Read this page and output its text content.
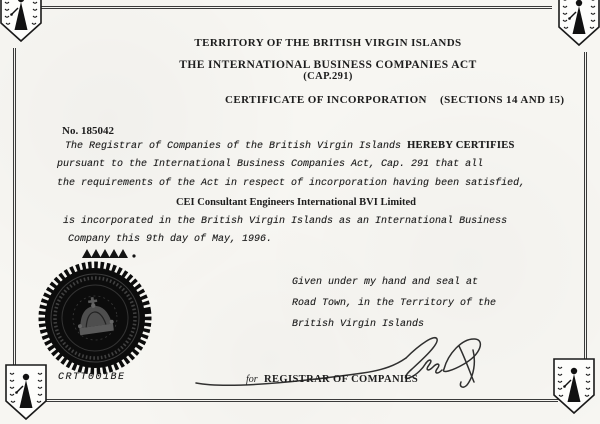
TERRITORY OF THE BRITISH VIRGIN ISLANDS
THE INTERNATIONAL BUSINESS COMPANIES ACT
(CAP.291)
CERTIFICATE OF INCORPORATION (SECTIONS 14 AND 15)
No. 185042
The Registrar of Companies of the British Virgin Islands HEREBY CERTIFIES
pursuant to the International Business Companies Act, Cap. 291 that all
the requirements of the Act in respect of incorporation having been satisfied,
CEI Consultant Engineers International BVI Limited
is incorporated in the British Virgin Islands as an International Business
Company this 9th day of May, 1996.
Given under my hand and seal at
Road Town, in the Territory of the
British Virgin Islands
for REGISTRAR OF COMPANIES
CRTT001BE
